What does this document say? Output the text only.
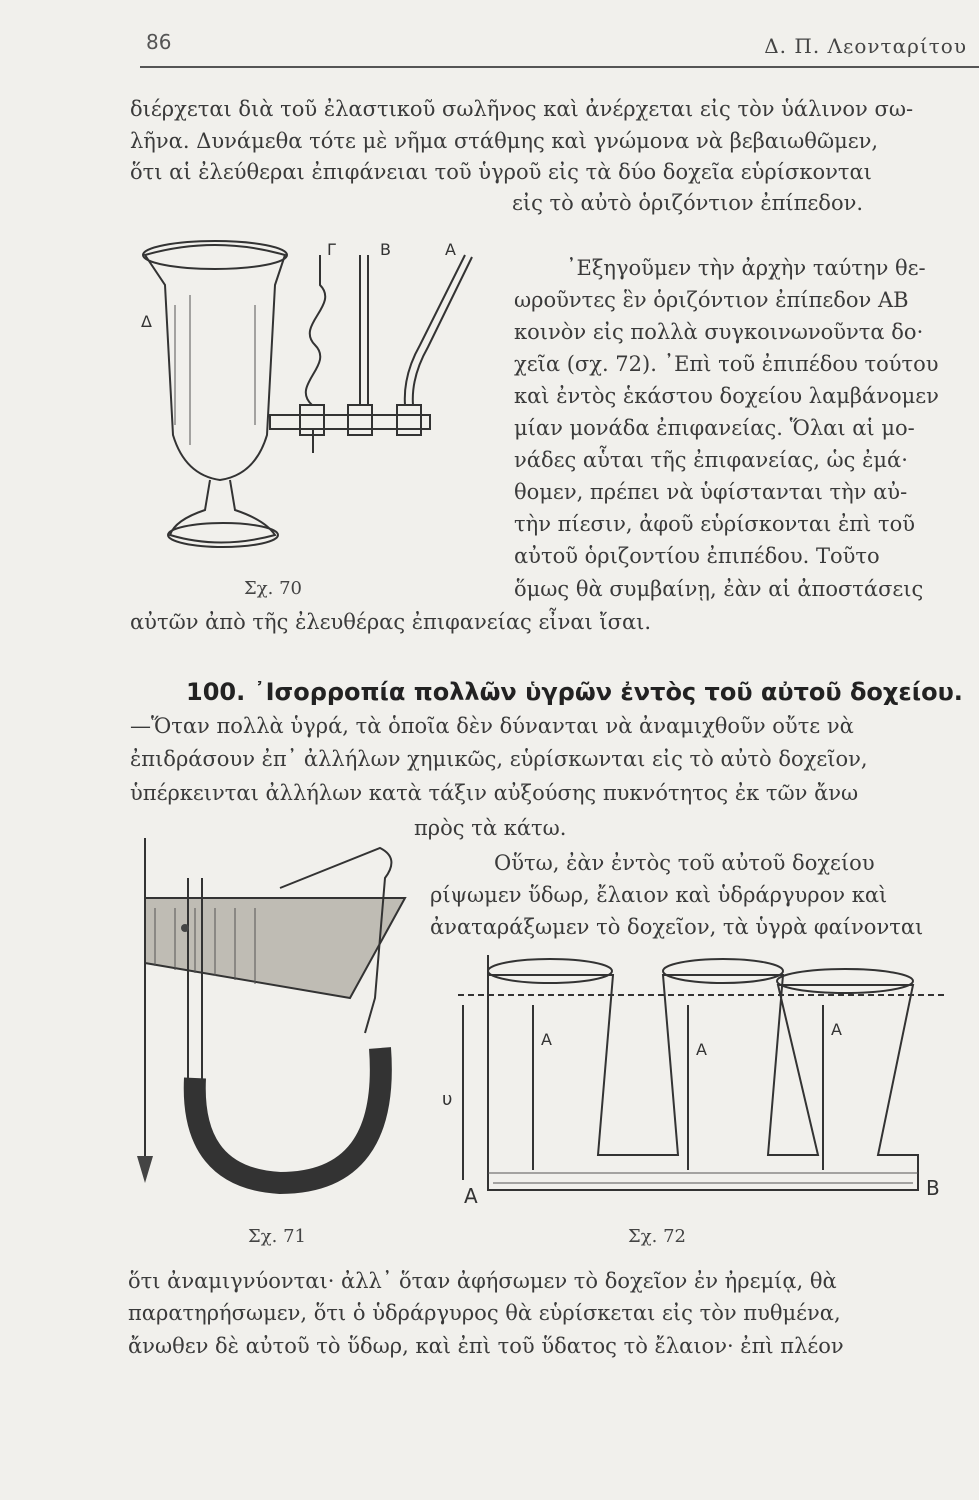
86	Δ. Π. Λεονταρίτου
διέρχεται διὰ τοῦ ἐλαστικοῦ σωλῆνος καὶ ἀνέρχεται εἰς τὸν ὑάλινον σω-
λῆνα. Δυνάμεθα τότε μὲ νῆμα στάθμης καὶ γνώμονα νὰ βεβαιωθῶμεν,
ὅτι αἱ ἐλεύθεραι ἐπιφάνειαι τοῦ ὑγροῦ εἰς τὰ δύο δοχεῖα εὑρίσκονται
εἰς τὸ αὐτὸ ὁριζόντιον ἐπίπεδον.
᾿Εξηγοῦμεν τὴν ἀρχὴν ταύτην θε-
ωροῦντες ἓν ὁριζόντιον ἐπίπεδον ΑΒ
κοινὸν εἰς πολλὰ συγκοινωνοῦντα δο·
χεῖα (σχ. 72). ᾿Επὶ τοῦ ἐπιπέδου τούτου
καὶ ἐντὸς ἑκάστου δοχείου λαμβάνομεν
μίαν μονάδα ἐπιφανείας. Ὅλαι αἱ μο-
νάδες αὗται τῆς ἐπιφανείας, ὡς ἐμά·
θομεν, πρέπει νὰ ὑφίστανται τὴν αὐ-
τὴν πίεσιν, ἀφοῦ εὑρίσκονται ἐπὶ τοῦ
αὐτοῦ ὁριζοντίου ἐπιπέδου. Τοῦτο
ὅμως θὰ συμβαίνῃ, ἐὰν αἱ ἀποστάσεις
αὐτῶν ἀπὸ τῆς ἐλευθέρας ἐπιφανείας εἶναι ἴσαι.
Γ	Β	Α
Δ
Σχ. 70
100. ᾿Ισορροπία πολλῶν ὑγρῶν ἐντὸς τοῦ αὐτοῦ δοχείου.
—Ὅταν πολλὰ ὑγρά, τὰ ὁποῖα δὲν δύνανται νὰ ἀναμιχθοῦν οὔτε νὰ
ἐπιδράσουν ἐπ᾿ ἀλλήλων χημικῶς, εὑρίσκωνται εἰς τὸ αὐτὸ δοχεῖον,
ὑπέρκεινται ἀλλήλων κατὰ τάξιν αὐξούσης πυκνότητος ἐκ τῶν ἄνω
πρὸς τὰ κάτω.
Οὕτω, ἐὰν ἐντὸς τοῦ αὐτοῦ δοχείου
ρίψωμεν ὕδωρ, ἔλαιον καὶ ὑδράργυρον καὶ
ἀναταράξωμεν τὸ δοχεῖον, τὰ ὑγρὰ φαίνονται
Σχ. 71
υ
Α	Β
Α
Α
Α
Σχ. 72
ὅτι ἀναμιγνύονται· ἀλλ᾿ ὅταν ἀφήσωμεν τὸ δοχεῖον ἐν ἠρεμίᾳ, θὰ
παρατηρήσωμεν, ὅτι ὁ ὑδράργυρος θὰ εὑρίσκεται εἰς τὸν πυθμένα,
ἄνωθεν δὲ αὐτοῦ τὸ ὕδωρ, καὶ ἐπὶ τοῦ ὕδατος τὸ ἔλαιον· ἐπὶ πλέον
